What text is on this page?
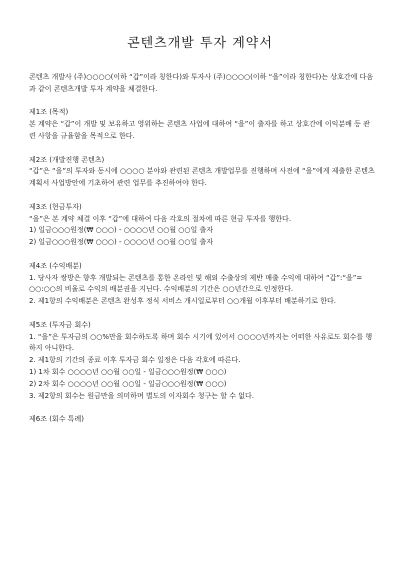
콘텐츠개발 투자 계약서

콘텐츠 개발사 (주)○○○○(이하 “갑”이라 칭한다)와 투자사 (주)○○○○(이하 “을”이라 칭한다)는 상호간에 다음과 같이 콘텐츠개발 투자 계약을 체결한다.

제1조 (목적)

본 계약은 “갑”이 개발 및 보유하고 영위하는 콘텐츠 사업에 대하여 “을”이 출자를 하고 상호간에 이익분배 등 관련 사항을 규율함을 목적으로 한다.

제2조 (개발진행 콘텐츠)

“갑”은 “을”의 투자와 동시에 ○○○○ 분야와 관련된 콘텐츠 개발업무를 진행하며 사전에 “을”에게 제출한 콘텐츠 계획서 사업방안에 기초하여 관련 업무를 추진하여야 한다.

제3조 (현금투자)

“을”은 본 계약 체결 이후 “갑”에 대하여 다음 각호의 절차에 따른 현금 투자를 행한다.

1) 일금○○○원정(₩ ○○○) - ○○○○년 ○○월 ○○일 출자

2) 일금○○○원정(₩ ○○○) - ○○○○년 ○○월 ○○일 출자

제4조 (수익배분)

1. 당사자 쌍방은 향후 개발되는 콘텐츠를 통한 온라인 및 해외 수출상의 제반 매출 수익에 대하여 “갑”:“을”= ○○:○○의 비율로 수익의 배분권을 지닌다. 수익배분의 기간은 ○○년간으로 인정한다.

2. 제1항의 수익배분은 콘텐츠 완성후 정식 서비스 개시일로부터 ○○개월 이후부터 배분하기로 한다.

제5조 (투자금 회수)

1. “을”은 투자금의 ○○%만을 회수하도록 하며 회수 시기에 있어서 ○○○○년까지는 어떠한 사유로도 회수를 행하지 아니한다.

2. 제1항의 기간의 종료 이후 투자금 회수 일정은 다음 각호에 따른다.

1) 1차 회수 ○○○○년 ○○월 ○○일 - 일금○○○원정(₩ ○○○)

2) 2차 회수 ○○○○년 ○○월 ○○일 - 일금○○○원정(₩ ○○○)

3. 제2항의 회수는 원금만을 의미하며 별도의 이자회수 청구는 할 수 없다.

제6조 (회수 특례)
